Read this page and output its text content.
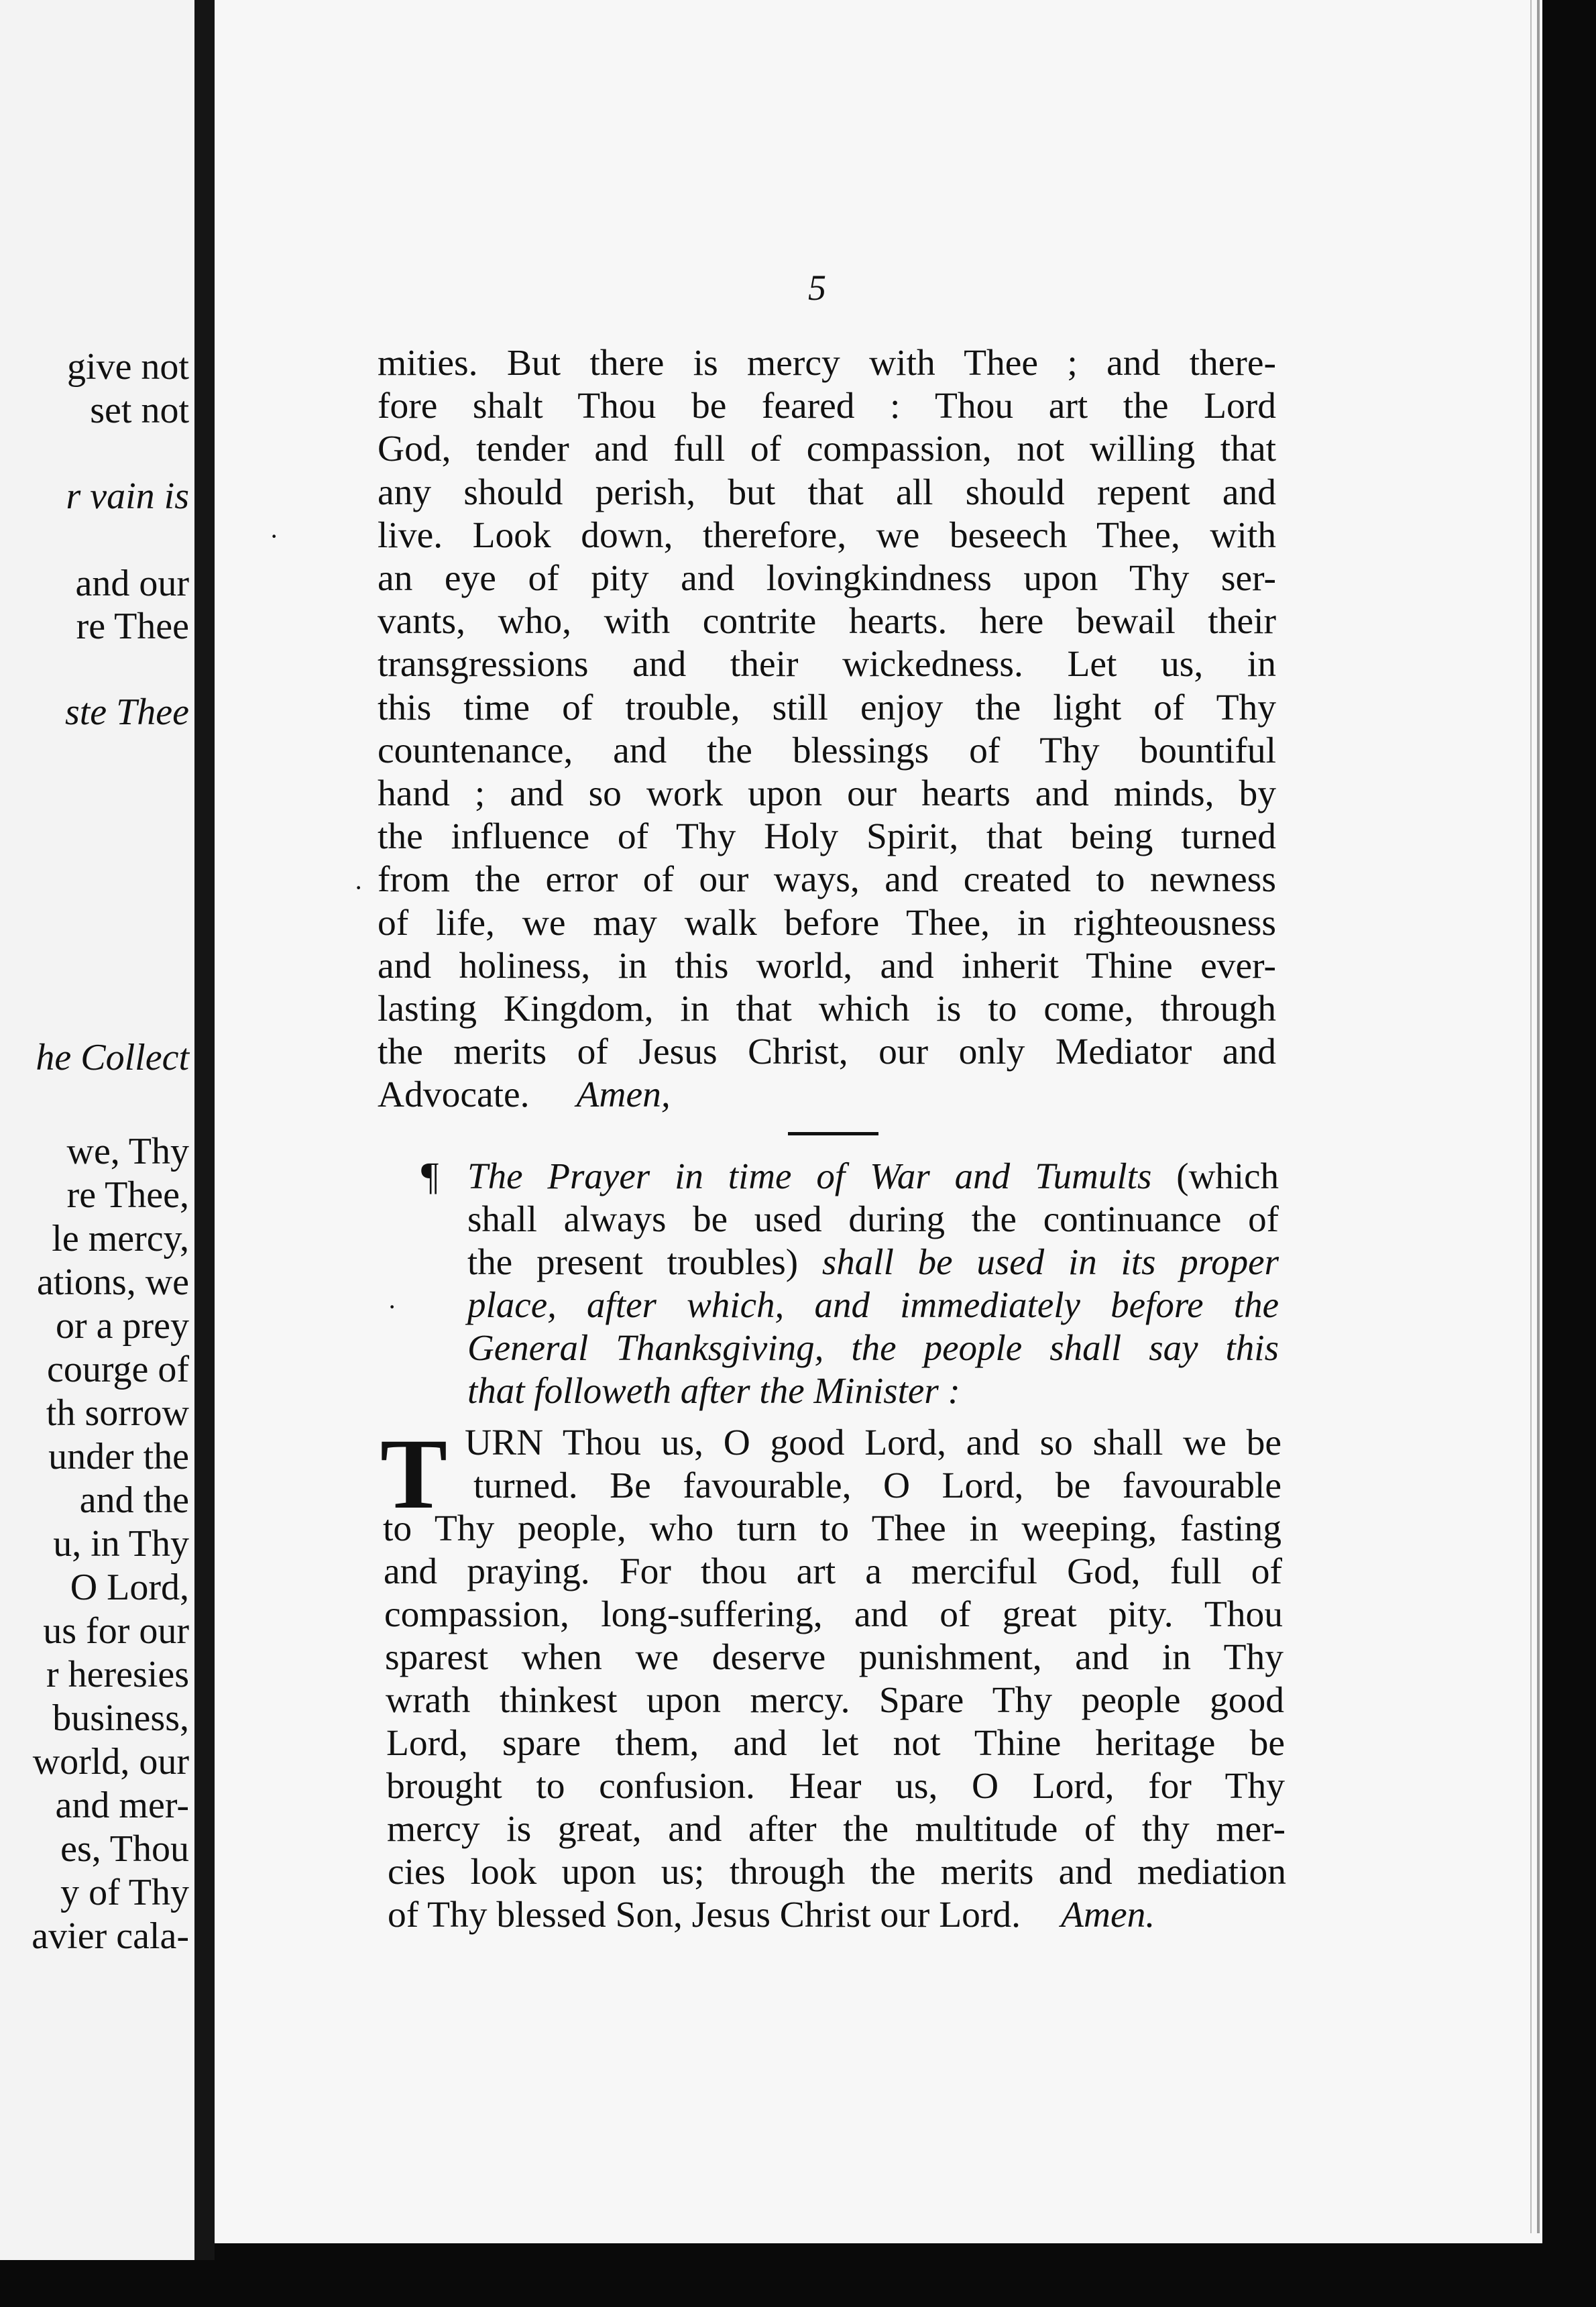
give not
set not
r vain is
and our
re Thee
ste Thee
he Collect
we, Thy
re Thee,
le mercy,
ations, we
or a prey
courge of
th sorrow
under the
and the
u, in Thy
O Lord,
us for our
r heresies
business,
world, our
and mer-
es, Thou
y of Thy
avier cala-
5
mities. But there is mercy with Thee ; and there-
fore shalt Thou be feared : Thou art the Lord
God, tender and full of compassion, not willing that
any should perish, but that all should repent and
live. Look down, therefore, we beseech Thee, with
an eye of pity and lovingkindness upon Thy ser-
vants, who, with contrite hearts. here bewail their
transgressions and their wickedness. Let us, in
this time of trouble, still enjoy the light of Thy
countenance, and the blessings of Thy bountiful
hand ; and so work upon our hearts and minds, by
the influence of Thy Holy Spirit, that being turned
from the error of our ways, and created to newness
of life, we may walk before Thee, in righteousness
and holiness, in this world, and inherit Thine ever-
lasting Kingdom, in that which is to come, through
the merits of Jesus Christ, our only Mediator and
Advocate. Amen,
¶ The Prayer in time of War and Tumults (which
shall always be used during the continuance of
the present troubles) shall be used in its proper
place, after which, and immediately before the
General Thanksgiving, the people shall say this
that followeth after the Minister :
T URN Thou us, O good Lord, and so shall we be
turned. Be favourable, O Lord, be favourable
to Thy people, who turn to Thee in weeping, fasting
and praying. For thou art a merciful God, full of
compassion, long-suffering, and of great pity. Thou
sparest when we deserve punishment, and in Thy
wrath thinkest upon mercy. Spare Thy people good
Lord, spare them, and let not Thine heritage be
brought to confusion. Hear us, O Lord, for Thy
mercy is great, and after the multitude of thy mer-
cies look upon us; through the merits and mediation
of Thy blessed Son, Jesus Christ our Lord. Amen.
·
·
·
